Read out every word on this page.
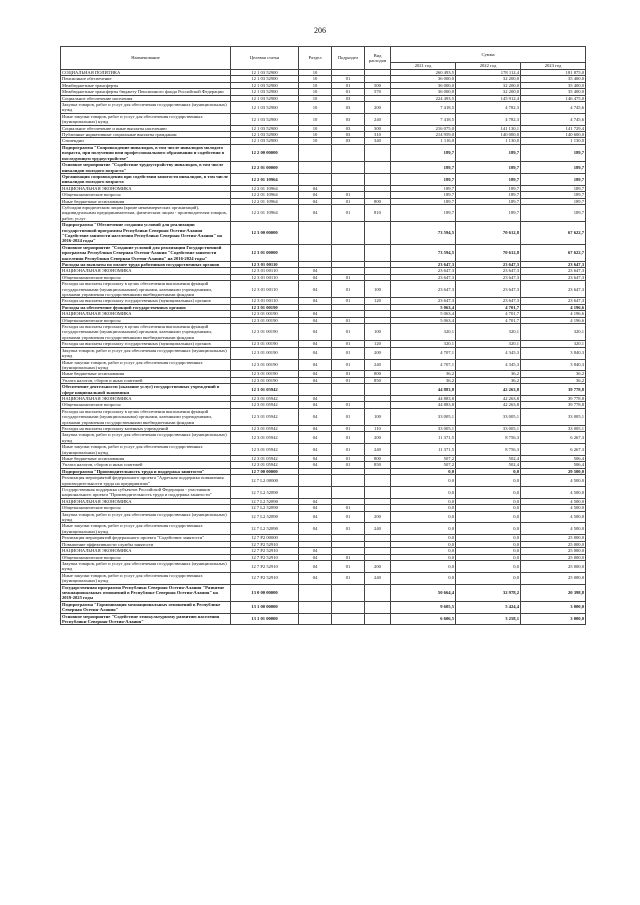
206
Наименование	Целевая статья	Раздел	Подраздел	Вид расходов	Сумма		
					2021 год	2022 год	2023 год
СОЦИАЛЬНАЯ ПОЛИТИКА	12 1 03 52900	10			260 493,5	178 112,4	181 875,0
Пенсионное обеспечение	12 1 03 52900	10	01		36 000,0	32 200,0	35 400,0
Межбюджетные трансферты	12 1 03 52900	10	01	500	36 000,0	32 200,0	35 400,0
Межбюджетные трансферты бюджету Пенсионного фонда Российской Федерации	12 1 03 52900	10	01	570	36 000,0	32 200,0	35 400,0
Социальное обеспечение населения	12 1 03 52900	10	03		224 493,5	145 912,4	146 475,0
Закупка товаров, работ и услуг для обеспечения государственных (муниципальных) нужд	12 1 03 52900	10	03	200	7 418,5	4 782,3	4 745,6
Иные закупки товаров, работ и услуг для обеспечения государственных (муниципальных) нужд	12 1 03 52900	10	03	240	7 418,5	4 782,3	4 745,6
Социальное обеспечение и иные выплаты населению	12 1 03 52900	10	03	300	216 075,0	141 130,1	141 729,4
Публичные нормативные социальные выплаты гражданам	12 1 03 52900	10	03	310	214 959,0	140 000,0	140 600,0
Стипендии	12 1 03 52900	10	03	340	1 116,0	1 130,0	1 130,0
Подпрограмма "Сопровождение инвалидов, в том числе инвалидов молодого возраста, при получении ими профессионального образования и содействия в последующем трудоустройстве"	12 2 00 00000				189,7	189,7	189,7
Основное мероприятие "Содействие трудоустройству инвалидов, в том числе инвалидов молодого возраста"	12 2 01 00000				189,7	189,7	189,7
Организация сопровождения при содействии занятости инвалидов, в том числе инвалидов молодого возраста	12 2 01 10964				189,7	189,7	189,7
НАЦИОНАЛЬНАЯ ЭКОНОМИКА	12 2 01 10964	04			189,7	189,7	189,7
Общеэкономические вопросы	12 2 01 10964	04	01		189,7	189,7	189,7
Иные бюджетные ассигнования	12 2 01 10964	04	01	800	189,7	189,7	189,7
Субсидии юридическим лицам (кроме некоммерческих организаций), индивидуальным предпринимателям, физическим лицам - производителям товаров, работ, услуг	12 2 01 10964	04	01	810	189,7	189,7	189,7
Подпрограмма "Обеспечение создания условий для реализации государственной программы Республики Северная Осетия-Алания "Содействие занятости населения Республики Северная Осетия-Алания" на 2016-2024 годы"	12 3 00 00000				73 594,5	70 612,8	67 622,7
Основное мероприятие "Создание условий для реализации Государственной программы Республики Северная Осетия-Алания "Содействие занятости населения Республики Северная Осетия-Алания" на 2016-2024 годы"	12 3 01 00000				73 594,5	70 612,8	67 622,7
Расходы на выплаты по оплате труда работников государственных органов	12 3 01 00110				23 647,3	23 647,3	23 647,3
НАЦИОНАЛЬНАЯ ЭКОНОМИКА	12 3 01 00110	04			23 647,3	23 647,3	23 647,3
Общеэкономические вопросы	12 3 01 00110	04	01		23 647,3	23 647,3	23 647,3
Расходы на выплаты персоналу в целях обеспечения выполнения функций государственными (муниципальными) органами, казенными учреждениями, органами управления государственными внебюджетными фондами	12 3 01 00110	04	01	100	23 647,3	23 647,3	23 647,3
Расходы на выплаты персоналу государственных (муниципальных) органов	12 3 01 00110	04	01	120	23 647,3	23 647,3	23 647,3
Расходы на обеспечение функций государственных органов	12 3 01 00190				5 063,4	4 701,7	4 196,6
НАЦИОНАЛЬНАЯ ЭКОНОМИКА	12 3 01 00190	04			5 063,4	4 701,7	4 196,6
Общеэкономические вопросы	12 3 01 00190	04	01		5 063,4	4 701,7	4 196,6
Расходы на выплаты персоналу в целях обеспечения выполнения функций государственными (муниципальными) органами, казенными учреждениями, органами управления государственными внебюджетными фондами	12 3 01 00190	04	01	100	320,1	320,1	320,1
Расходы на выплаты персоналу государственных (муниципальных) органов	12 3 01 00190	04	01	120	320,1	320,1	320,1
Закупка товаров, работ и услуг для обеспечения государственных (муниципальных) нужд	12 3 01 00190	04	01	200	4 707,1	4 345,3	3 840,3
Иные закупки товаров, работ и услуг для обеспечения государственных (муниципальных) нужд	12 3 01 00190	04	01	240	4 707,1	4 345,3	3 840,3
Иные бюджетные ассигнования	12 3 01 00190	04	01	800	36,2	36,2	36,2
Уплата налогов, сборов и иных платежей	12 3 01 00190	04	01	850	36,2	36,2	36,2
Обеспечение деятельности (оказание услуг) государственных учреждений в сфере национальной экономики	12 3 01 05942				44 883,8	42 263,8	39 778,8
НАЦИОНАЛЬНАЯ ЭКОНОМИКА	12 3 01 05942	04			44 883,8	42 263,8	39 778,8
Общеэкономические вопросы	12 3 01 05942	04	01		44 883,8	42 263,8	39 778,8
Расходы на выплаты персоналу в целях обеспечения выполнения функций государственными (муниципальными) органами, казенными учреждениями, органами управления государственными внебюджетными фондами	12 3 01 05942	04	01	100	33 005,1	33 005,1	33 005,1
Расходы на выплаты персоналу казенных учреждений	12 3 01 05942	04	01	110	33 005,1	33 005,1	33 005,1
Закупка товаров, работ и услуг для обеспечения государственных (муниципальных) нужд	12 3 01 05942	04	01	200	11 371,5	8 756,3	6 267,3
Иные закупки товаров, работ и услуг для обеспечения государственных (муниципальных) нужд	12 3 01 05942	04	01	240	11 371,5	8 756,3	6 267,3
Иные бюджетные ассигнования	12 3 01 05942	04	01	800	507,2	502,4	506,4
Уплата налогов, сборов и иных платежей	12 3 01 05942	04	01	850	507,2	502,4	506,4
Подпрограмма "Производительность труда и поддержка занятости"	12 7 00 00000				0,0	0,0	29 500,0
Реализация мероприятий федерального проекта "Адресная поддержка повышения производительности труда на предприятиях"	12 7 L2 00000				0,0	0,0	4 500,0
Государственная поддержка субъектов Российской Федерации - участников национального проекта "Производительность труда и поддержка занятости"	12 7 L2 52890				0,0	0,0	4 500,0
НАЦИОНАЛЬНАЯ ЭКОНОМИКА	12 7 L2 52890	04			0,0	0,0	4 500,0
Общеэкономические вопросы	12 7 L2 52890	04	01		0,0	0,0	4 500,0
Закупка товаров, работ и услуг для обеспечения государственных (муниципальных) нужд	12 7 L2 52890	04	01	200	0,0	0,0	4 500,0
Иные закупки товаров, работ и услуг для обеспечения государственных (муниципальных) нужд	12 7 L2 52890	04	01	240	0,0	0,0	4 500,0
Реализация мероприятий федерального проекта "Содействие занятости"	12 7 P2 00000				0,0	0,0	25 000,0
Повышение эффективности службы занятости	12 7 P2 52910				0,0	0,0	25 000,0
НАЦИОНАЛЬНАЯ ЭКОНОМИКА	12 7 P2 52910	04			0,0	0,0	25 000,0
Общеэкономические вопросы	12 7 P2 52910	04	01		0,0	0,0	25 000,0
Закупка товаров, работ и услуг для обеспечения государственных (муниципальных) нужд	12 7 P2 52910	04	01	200	0,0	0,0	25 000,0
Иные закупки товаров, работ и услуг для обеспечения государственных (муниципальных) нужд	12 7 P2 52910	04	01	240	0,0	0,0	25 000,0
Государственная программа Республики Северная Осетия-Алания "Развитие межнациональных отношений в Республике Северная Осетия-Алания" на 2019-2025 годы	13 0 00 00000				50 664,4	32 978,2	20 398,8
Подпрограмма "Гармонизация межнациональных отношений в Республике Северная Осетия-Алания"	13 1 00 00000				9 605,5	5 424,4	3 000,0
Основное мероприятие "Содействие этнокультурному развитию населения Республики Северная Осетия-Алания"	13 1 01 00000				6 606,5	3 258,1	3 000,0
